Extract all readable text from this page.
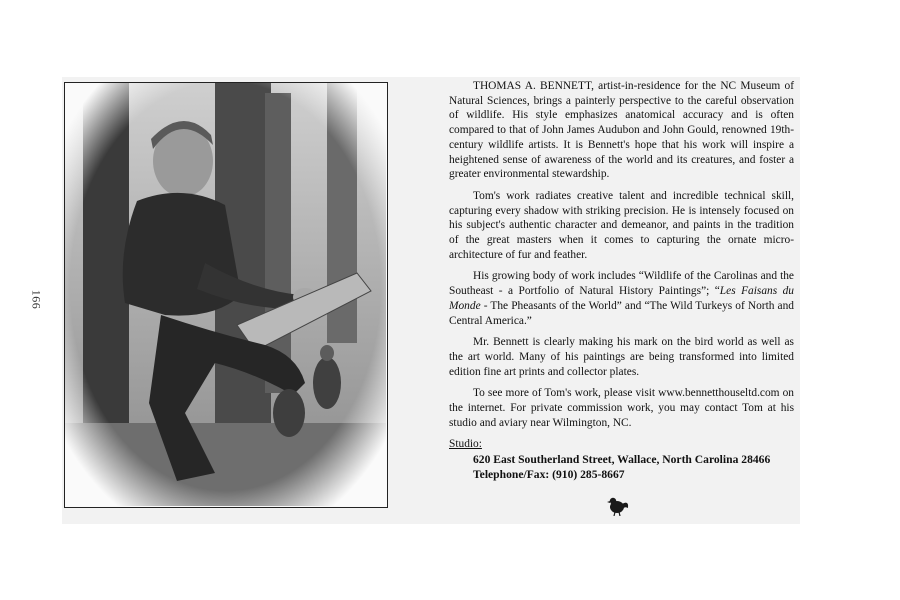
166

THOMAS A. BENNETT, artist-in-residence for the NC Museum of Natural Sciences, brings a painterly perspective to the careful observation of wildlife. His style emphasizes anatomical accuracy and is often compared to that of John James Audubon and John Gould, renowned 19th-century wildlife artists. It is Bennett's hope that his work will inspire a heightened sense of awareness of the world and its creatures, and foster a greater environmental stewardship.

Tom's work radiates creative talent and incredible technical skill, capturing every shadow with striking precision. He is intensely focused on his subject's authentic character and demeanor, and paints in the tradition of the great masters when it comes to capturing the ornate micro-architecture of fur and feather.

His growing body of work includes “Wildlife of the Carolinas and the Southeast - a Portfolio of Natural History Paintings”; “Les Faisans du Monde - The Pheasants of the World” and “The Wild Turkeys of North and Central America.”

Mr. Bennett is clearly making his mark on the bird world as well as the art world. Many of his paintings are being transformed into limited edition fine art prints and collector plates.

To see more of Tom's work, please visit www.bennetthouseltd.com on the internet. For private commission work, you may contact Tom at his studio and aviary near Wilmington, NC.

Studio:
620 East Southerland Street, Wallace, North Carolina 28466
Telephone/Fax: (910) 285-8667
